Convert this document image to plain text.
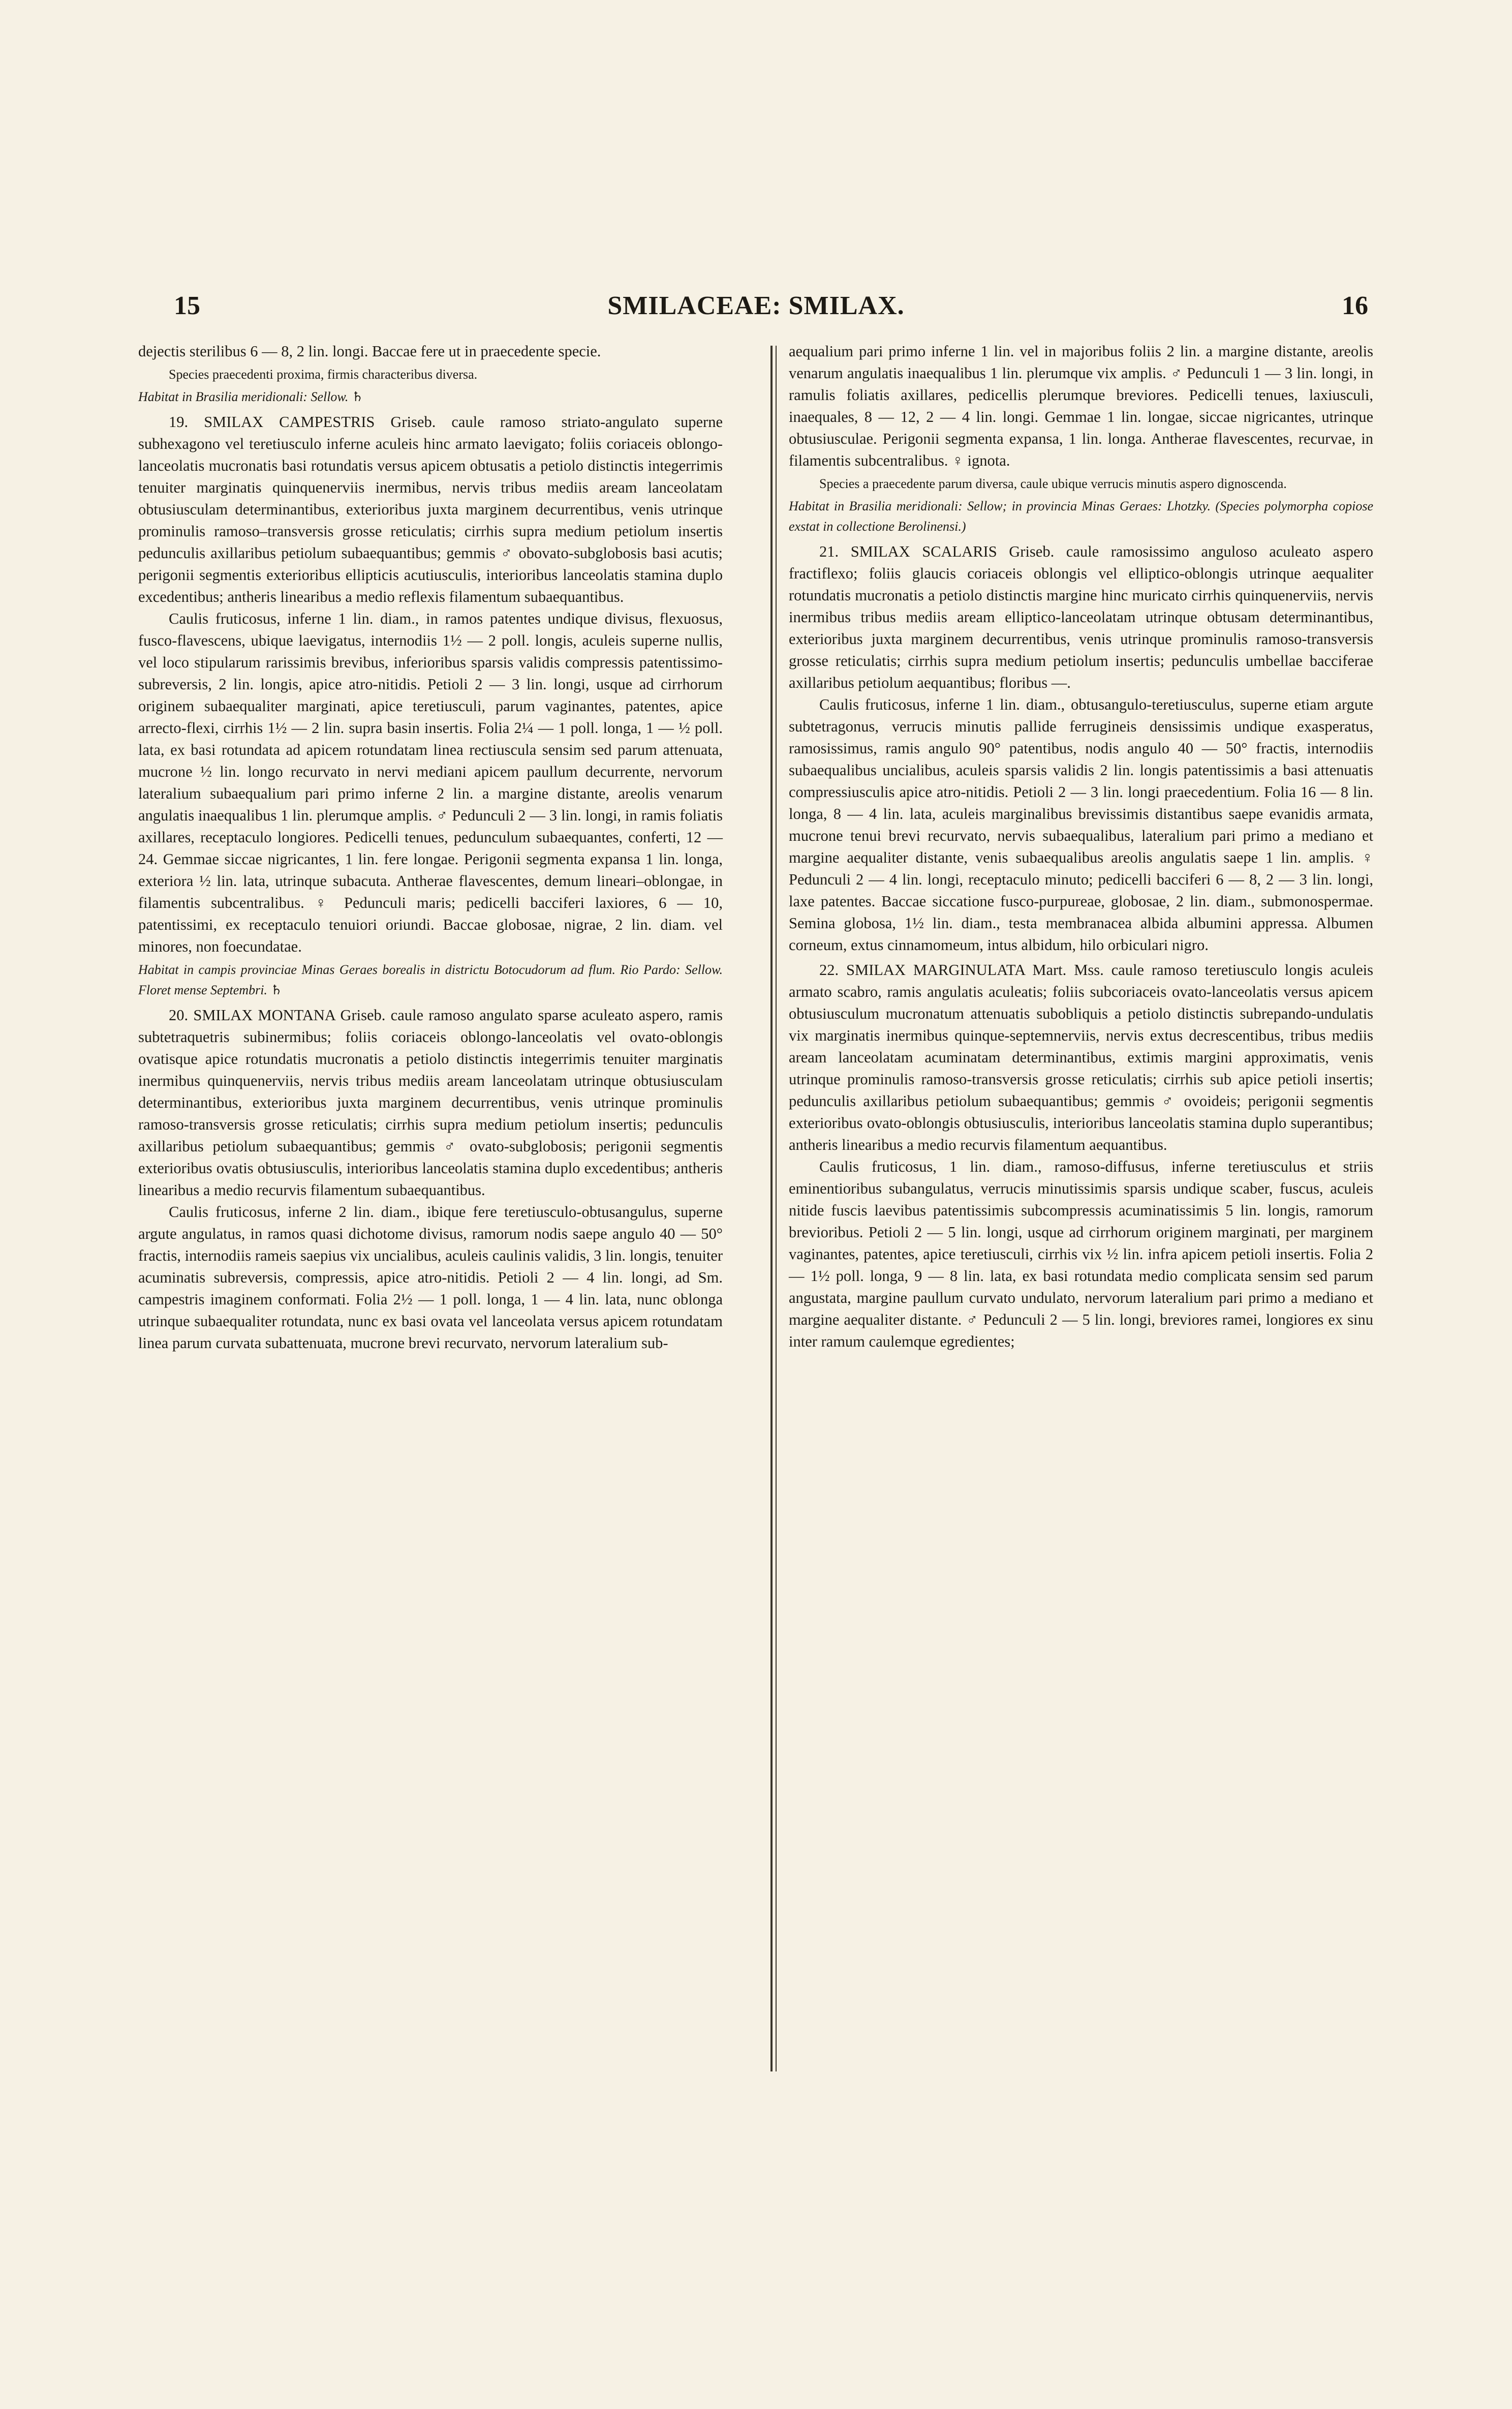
15	SMILACEAE: SMILAX.	16

dejectis sterilibus 6 — 8, 2 lin. longi. Baccae fere ut in praecedente specie.

Species praecedenti proxima, firmis characteribus diversa.

Habitat in Brasilia meridionali: Sellow. ♄

19. SMILAX CAMPESTRIS Griseb. caule ramoso striato-angulato superne subhexagono vel teretiusculo inferne aculeis hinc armato laevigato; foliis coriaceis oblongo-lanceolatis mucronatis basi rotundatis versus apicem obtusatis a petiolo distinctis integerrimis tenuiter marginatis quinquenerviis inermibus, nervis tribus mediis aream lanceolatam obtusiusculam determinantibus, exterioribus juxta marginem decurrentibus, venis utrinque prominulis ramoso–transversis grosse reticulatis; cirrhis supra medium petiolum insertis pedunculis axillaribus petiolum subaequantibus; gemmis ♂ obovato-subglobosis basi acutis; perigonii segmentis exterioribus ellipticis acutiusculis, interioribus lanceolatis stamina duplo excedentibus; antheris linearibus a medio reflexis filamentum subaequantibus.

Caulis fruticosus, inferne 1 lin. diam., in ramos patentes undique divisus, flexuosus, fusco-flavescens, ubique laevigatus, internodiis 1½ — 2 poll. longis, aculeis superne nullis, vel loco stipularum rarissimis brevibus, inferioribus sparsis validis compressis patentissimo-subreversis, 2 lin. longis, apice atro-nitidis. Petioli 2 — 3 lin. longi, usque ad cirrhorum originem subaequaliter marginati, apice teretiusculi, parum vaginantes, patentes, apice arrecto-flexi, cirrhis 1½ — 2 lin. supra basin insertis. Folia 2¼ — 1 poll. longa, 1 — ½ poll. lata, ex basi rotundata ad apicem rotundatam linea rectiuscula sensim sed parum attenuata, mucrone ½ lin. longo recurvato in nervi mediani apicem paullum decurrente, nervorum lateralium subaequalium pari primo inferne 2 lin. a margine distante, areolis venarum angulatis inaequalibus 1 lin. plerumque amplis. ♂ Pedunculi 2 — 3 lin. longi, in ramis foliatis axillares, receptaculo longiores. Pedicelli tenues, pedunculum subaequantes, conferti, 12 — 24. Gemmae siccae nigricantes, 1 lin. fere longae. Perigonii segmenta expansa 1 lin. longa, exteriora ½ lin. lata, utrinque subacuta. Antherae flavescentes, demum lineari–oblongae, in filamentis subcentralibus. ♀ Pedunculi maris; pedicelli bacciferi laxiores, 6 — 10, patentissimi, ex receptaculo tenuiori oriundi. Baccae globosae, nigrae, 2 lin. diam. vel minores, non foecundatae.

Habitat in campis provinciae Minas Geraes borealis in districtu Botocudorum ad flum. Rio Pardo: Sellow. Floret mense Septembri. ♄

20. SMILAX MONTANA Griseb. caule ramoso angulato sparse aculeato aspero, ramis subtetraquetris subinermibus; foliis coriaceis oblongo-lanceolatis vel ovato-oblongis ovatisque apice rotundatis mucronatis a petiolo distinctis integerrimis tenuiter marginatis inermibus quinquenerviis, nervis tribus mediis aream lanceolatam utrinque obtusiusculam determinantibus, exterioribus juxta marginem decurrentibus, venis utrinque prominulis ramoso-transversis grosse reticulatis; cirrhis supra medium petiolum insertis; pedunculis axillaribus petiolum subaequantibus; gemmis ♂ ovato-subglobosis; perigonii segmentis exterioribus ovatis obtusiusculis, interioribus lanceolatis stamina duplo excedentibus; antheris linearibus a medio recurvis filamentum subaequantibus.

Caulis fruticosus, inferne 2 lin. diam., ibique fere teretiusculo-obtusangulus, superne argute angulatus, in ramos quasi dichotome divisus, ramorum nodis saepe angulo 40 — 50° fractis, internodiis rameis saepius vix uncialibus, aculeis caulinis validis, 3 lin. longis, tenuiter acuminatis subreversis, compressis, apice atro-nitidis. Petioli 2 — 4 lin. longi, ad Sm. campestris imaginem conformati. Folia 2½ — 1 poll. longa, 1 — 4 lin. lata, nunc oblonga utrinque subaequaliter rotundata, nunc ex basi ovata vel lanceolata versus apicem rotundatam linea parum curvata subattenuata, mucrone brevi recurvato, nervorum lateralium sub-

aequalium pari primo inferne 1 lin. vel in majoribus foliis 2 lin. a margine distante, areolis venarum angulatis inaequalibus 1 lin. plerumque vix amplis. ♂ Pedunculi 1 — 3 lin. longi, in ramulis foliatis axillares, pedicellis plerumque breviores. Pedicelli tenues, laxiusculi, inaequales, 8 — 12, 2 — 4 lin. longi. Gemmae 1 lin. longae, siccae nigricantes, utrinque obtusiusculae. Perigonii segmenta expansa, 1 lin. longa. Antherae flavescentes, recurvae, in filamentis subcentralibus. ♀ ignota.

Species a praecedente parum diversa, caule ubique verrucis minutis aspero dignoscenda.

Habitat in Brasilia meridionali: Sellow; in provincia Minas Geraes: Lhotzky. (Species polymorpha copiose exstat in collectione Berolinensi.)

21. SMILAX SCALARIS Griseb. caule ramosissimo anguloso aculeato aspero fractiflexo; foliis glaucis coriaceis oblongis vel elliptico-oblongis utrinque aequaliter rotundatis mucronatis a petiolo distinctis margine hinc muricato cirrhis quinquenerviis, nervis inermibus tribus mediis aream elliptico-lanceolatam utrinque obtusam determinantibus, exterioribus juxta marginem decurrentibus, venis utrinque prominulis ramoso-transversis grosse reticulatis; cirrhis supra medium petiolum insertis; pedunculis umbellae bacciferae axillaribus petiolum aequantibus; floribus —.

Caulis fruticosus, inferne 1 lin. diam., obtusangulo-teretiusculus, superne etiam argute subtetragonus, verrucis minutis pallide ferrugineis densissimis undique exasperatus, ramosissimus, ramis angulo 90° patentibus, nodis angulo 40 — 50° fractis, internodiis subaequalibus uncialibus, aculeis sparsis validis 2 lin. longis patentissimis a basi attenuatis compressiusculis apice atro-nitidis. Petioli 2 — 3 lin. longi praecedentium. Folia 16 — 8 lin. longa, 8 — 4 lin. lata, aculeis marginalibus brevissimis distantibus saepe evanidis armata, mucrone tenui brevi recurvato, nervis subaequalibus, lateralium pari primo a mediano et margine aequaliter distante, venis subaequalibus areolis angulatis saepe 1 lin. amplis. ♀ Pedunculi 2 — 4 lin. longi, receptaculo minuto; pedicelli bacciferi 6 — 8, 2 — 3 lin. longi, laxe patentes. Baccae siccatione fusco-purpureae, globosae, 2 lin. diam., submonospermae. Semina globosa, 1½ lin. diam., testa membranacea albida albumini appressa. Albumen corneum, extus cinnamomeum, intus albidum, hilo orbiculari nigro.

22. SMILAX MARGINULATA Mart. Mss. caule ramoso teretiusculo longis aculeis armato scabro, ramis angulatis aculeatis; foliis subcoriaceis ovato-lanceolatis versus apicem obtusiusculum mucronatum attenuatis subobliquis a petiolo distinctis subrepando-undulatis vix marginatis inermibus quinque-septemnerviis, nervis extus decrescentibus, tribus mediis aream lanceolatam acuminatam determinantibus, extimis margini approximatis, venis utrinque prominulis ramoso-transversis grosse reticulatis; cirrhis sub apice petioli insertis; pedunculis axillaribus petiolum subaequantibus; gemmis ♂ ovoideis; perigonii segmentis exterioribus ovato-oblongis obtusiusculis, interioribus lanceolatis stamina duplo superantibus; antheris linearibus a medio recurvis filamentum aequantibus.

Caulis fruticosus, 1 lin. diam., ramoso-diffusus, inferne teretiusculus et striis eminentioribus subangulatus, verrucis minutissimis sparsis undique scaber, fuscus, aculeis nitide fuscis laevibus patentissimis subcompressis acuminatissimis 5 lin. longis, ramorum brevioribus. Petioli 2 — 5 lin. longi, usque ad cirrhorum originem marginati, per marginem vaginantes, patentes, apice teretiusculi, cirrhis vix ½ lin. infra apicem petioli insertis. Folia 2 — 1½ poll. longa, 9 — 8 lin. lata, ex basi rotundata medio complicata sensim sed parum angustata, margine paullum curvato undulato, nervorum lateralium pari primo a mediano et margine aequaliter distante. ♂ Pedunculi 2 — 5 lin. longi, breviores ramei, longiores ex sinu inter ramum caulemque egredientes;
